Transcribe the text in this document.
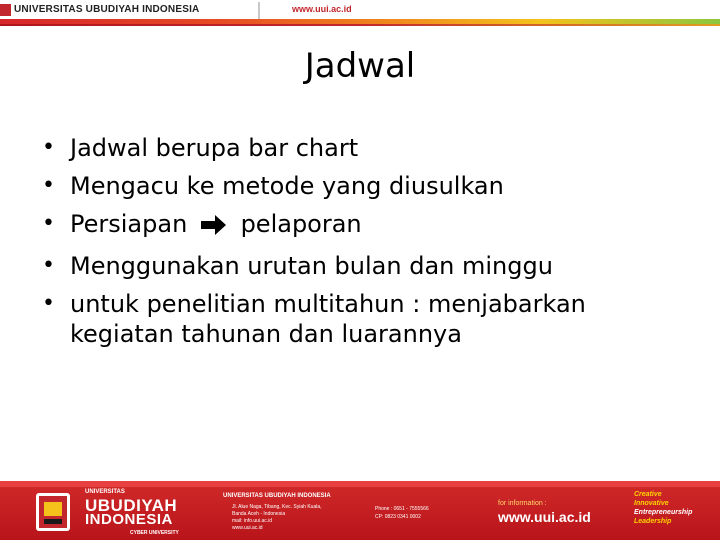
UNIVERSITAS UBUDIYAH INDONESIA	www.uui.ac.id
Jadwal
• Jadwal berupa bar chart
• Mengacu ke metode yang diusulkan
• Persiapan pelaporan
• Menggunakan urutan bulan dan minggu
• untuk penelitian multitahun : menjabarkan kegiatan tahunan dan luarannya
UNIVERSITAS
UBUDIYAH
INDONESIA
CYBER UNIVERSITY
UNIVERSITAS UBUDIYAH INDONESIA
Jl. Alue Naga, Tibang, Kec. Syiah Kuala,
Banda Aceh - Indonesia
mail: info.uui.ac.id
www.uui.ac.id
Phone : 0651 - 7555566
CP: 0823 0341 0002
for information :
www.uui.ac.id
Creative
Innovative
Entrepreneurship
Leadership
